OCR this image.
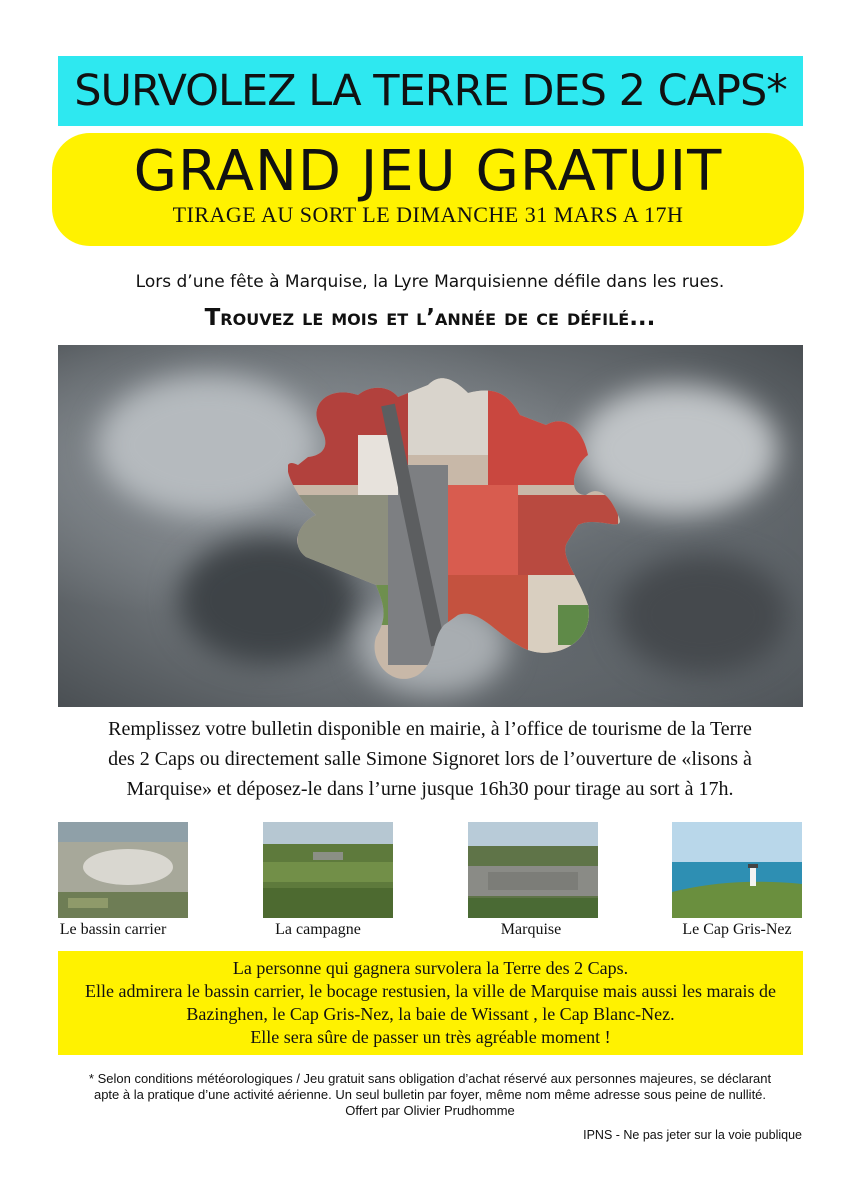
SURVOLEZ LA TERRE DES 2 CAPS*
GRAND JEU GRATUIT
TIRAGE AU SORT LE DIMANCHE 31 MARS A 17H
Lors d’une fête à Marquise, la Lyre Marquisienne défile dans les rues.
Trouvez le mois et l’année de ce défilé...
Remplissez votre bulletin disponible en mairie, à l’office de tourisme de la Terre
des 2 Caps ou directement salle Simone Signoret lors de l’ouverture de «lisons à
Marquise» et déposez-le dans l’urne jusque 16h30 pour tirage au sort à 17h.
Le bassin carrier	La campagne	Marquise	Le Cap Gris-Nez
La personne qui gagnera survolera la Terre des 2 Caps.
Elle admirera le bassin carrier, le bocage restusien, la ville de Marquise mais aussi les marais de
Bazinghen, le Cap Gris-Nez, la baie de Wissant , le Cap Blanc-Nez.
Elle sera sûre de passer un très agréable moment !
* Selon conditions météorologiques / Jeu gratuit sans obligation d’achat réservé aux personnes majeures, se déclarant
apte à la pratique d’une activité aérienne. Un seul bulletin par foyer, même nom même adresse sous peine de nullité.
Offert par Olivier Prudhomme
IPNS - Ne pas jeter sur la voie publique
